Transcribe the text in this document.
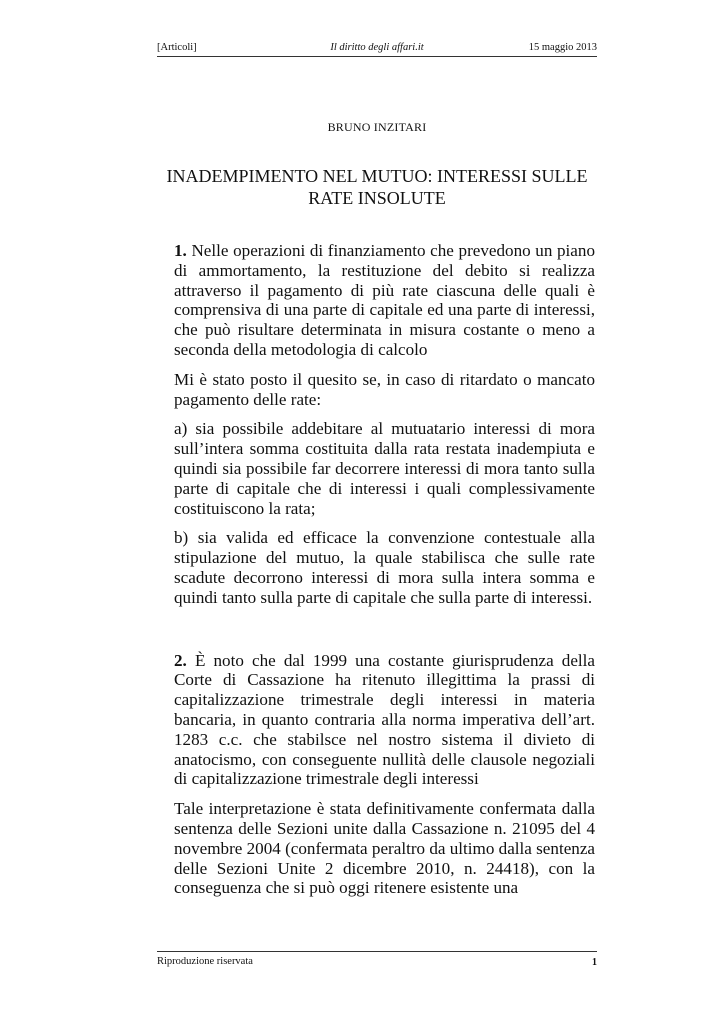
[Articoli]	Il diritto degli affari.it	15 maggio 2013
BRUNO INZITARI
INADEMPIMENTO NEL MUTUO: INTERESSI SULLE
RATE INSOLUTE

1. Nelle operazioni di finanziamento che prevedono un piano di ammortamento, la restituzione del debito si realizza attraverso il pagamento di più rate ciascuna delle quali è comprensiva di una parte di capitale ed una parte di interessi, che può risultare determinata in misura costante o meno a seconda della metodologia di calcolo

Mi è stato posto il quesito se, in caso di ritardato o mancato pagamento delle rate:

a) sia possibile addebitare al mutuatario interessi di mora sull’intera somma costituita dalla rata restata inadempiuta e quindi sia possibile far decorrere interessi di mora tanto sulla parte di capitale che di interessi i quali complessivamente costituiscono la rata;

b) sia valida ed efficace la convenzione contestuale alla stipulazione del mutuo, la quale stabilisca che sulle rate scadute decorrono interessi di mora sulla intera somma e quindi tanto sulla parte di capitale che sulla parte di interessi.

2. È noto che dal 1999 una costante giurisprudenza della Corte di Cassazione ha ritenuto illegittima la prassi di capitalizzazione trimestrale degli interessi in materia bancaria, in quanto contraria alla norma imperativa dell’art. 1283 c.c. che stabilsce nel nostro sistema il divieto di anatocismo, con conseguente nullità delle clausole negoziali di capitalizzazione trimestrale degli interessi

Tale interpretazione è stata definitivamente confermata dalla sentenza delle Sezioni unite dalla Cassazione n. 21095 del 4 novembre 2004 (confermata peraltro da ultimo dalla sentenza delle Sezioni Unite 2 dicembre 2010, n. 24418), con la conseguenza che si può oggi ritenere esistente una

Riproduzione riservata	1
